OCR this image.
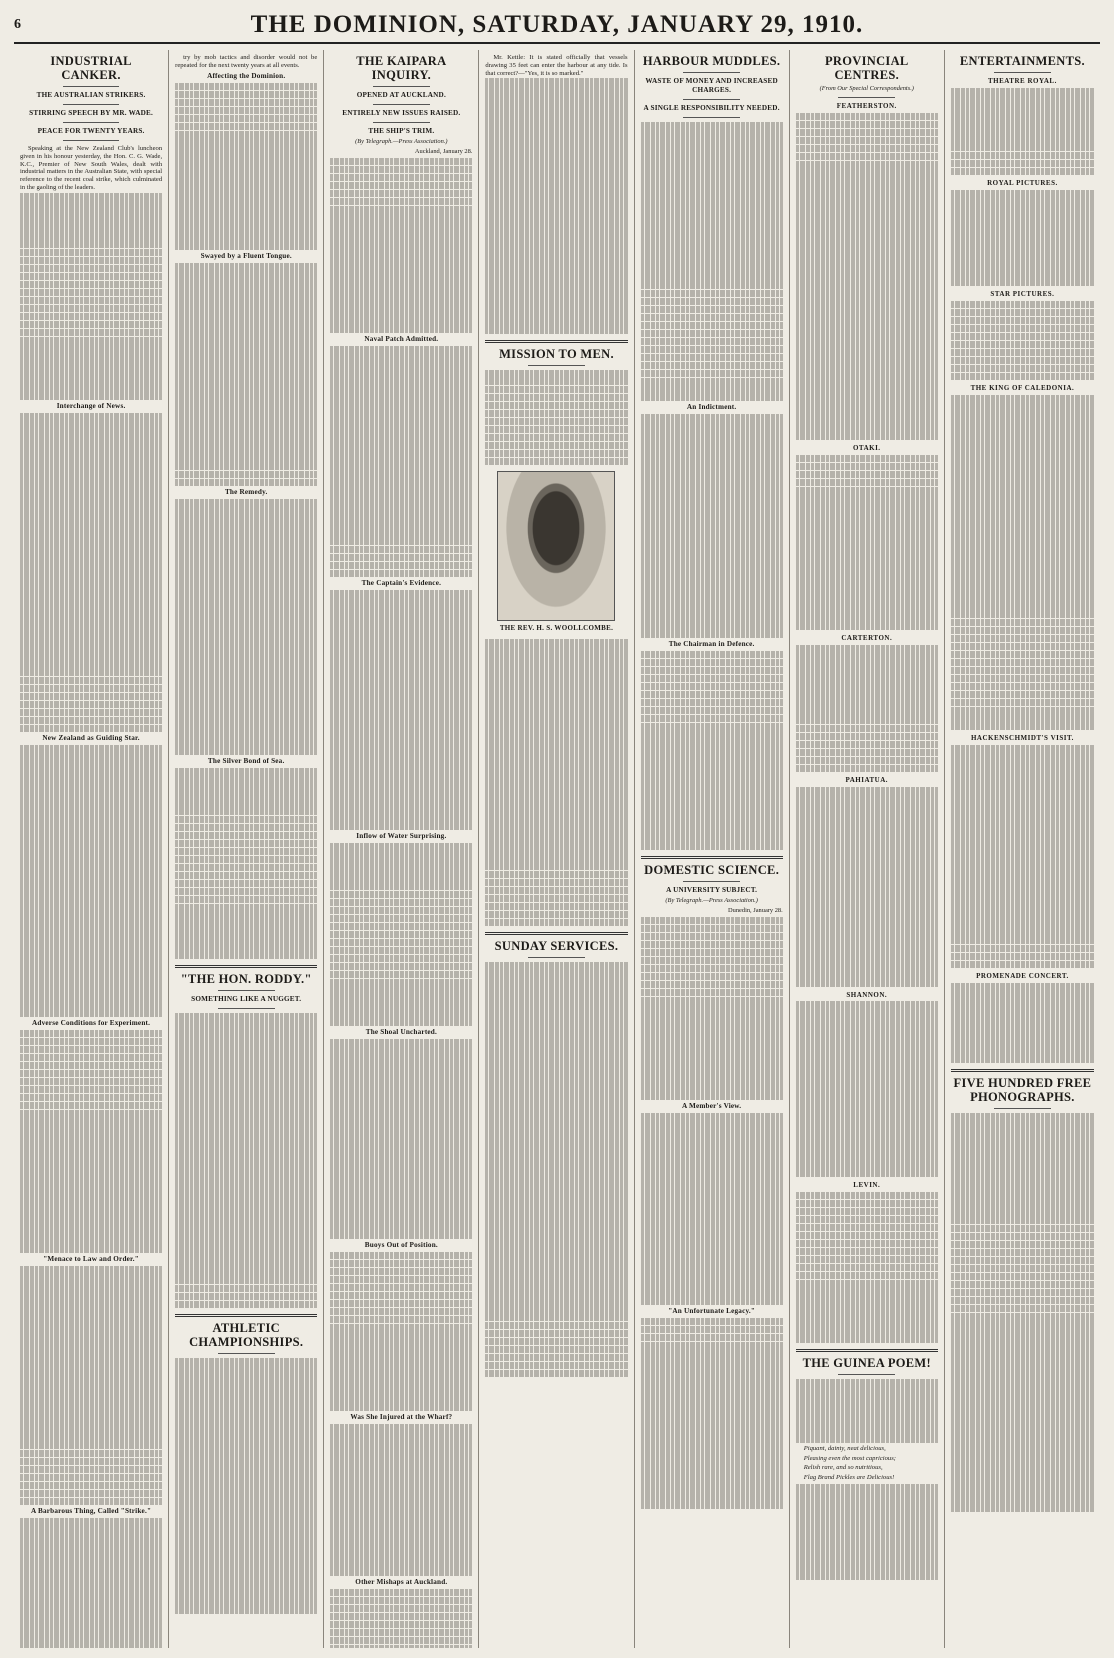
6	THE DOMINION, SATURDAY, JANUARY 29, 1910.
INDUSTRIAL CANKER.
THE AUSTRALIAN STRIKERS.
STIRRING SPEECH BY MR. WADE.
PEACE FOR TWENTY YEARS.

Speaking at the New Zealand Club's luncheon given in his honour yesterday, the Hon. C. G. Wade, K.C., Premier of New South Wales, dealt with industrial matters in the Australian State, with special reference to the recent coal strike, which culminated in the gaoling of the leaders.

Interchange of News.
New Zealand as Guiding Star.
Adverse Conditions for Experiment.
"Menace to Law and Order."
A Barbarous Thing, Called "Strike."

try by mob tactics and disorder would not be repeated for the next twenty years at all events.

Affecting the Dominion.
Swayed by a Fluent Tongue.
The Remedy.
The Silver Bond of Sea.
"THE HON. RODDY."
SOMETHING LIKE A NUGGET.
ATHLETIC CHAMPIONSHIPS.
THE KAIPARA INQUIRY.
OPENED AT AUCKLAND.
ENTIRELY NEW ISSUES RAISED.
THE SHIP'S TRIM.
(By Telegraph.—Press Association.)
Auckland, January 28.
Naval Patch Admitted.
The Captain's Evidence.
Inflow of Water Surprising.
The Shoal Uncharted.
Buoys Out of Position.
Was She Injured at the Wharf?
Other Mishaps at Auckland.

Mr. Kettle: It is stated officially that vessels drawing 35 feet can enter the harbour at any tide. Is that correct?—"Yes, it is so marked."

MISSION TO MEN.
THE REV. H. S. WOOLLCOMBE.
SUNDAY SERVICES.
HARBOUR MUDDLES.
WASTE OF MONEY AND INCREASED CHARGES.
A SINGLE RESPONSIBILITY NEEDED.
An Indictment.
The Chairman in Defence.
DOMESTIC SCIENCE.
A UNIVERSITY SUBJECT.
(By Telegraph.—Press Association.)
Dunedin, January 28.
A Member's View.
"An Unfortunate Legacy."
PROVINCIAL CENTRES.
(From Our Special Correspondents.)
FEATHERSTON.
OTAKI.
CARTERTON.
PAHIATUA.
SHANNON.
LEVIN.
THE GUINEA POEM!
Piquant, dainty, neat delicious,
Pleasing even the most capricious;
Relish rare, and so nutritious,
Flag Brand Pickles are Delicious!
ENTERTAINMENTS.
THEATRE ROYAL.
ROYAL PICTURES.
STAR PICTURES.
THE KING OF CALEDONIA.
HACKENSCHMIDT'S VISIT.
PROMENADE CONCERT.
FIVE HUNDRED FREE PHONOGRAPHS.
